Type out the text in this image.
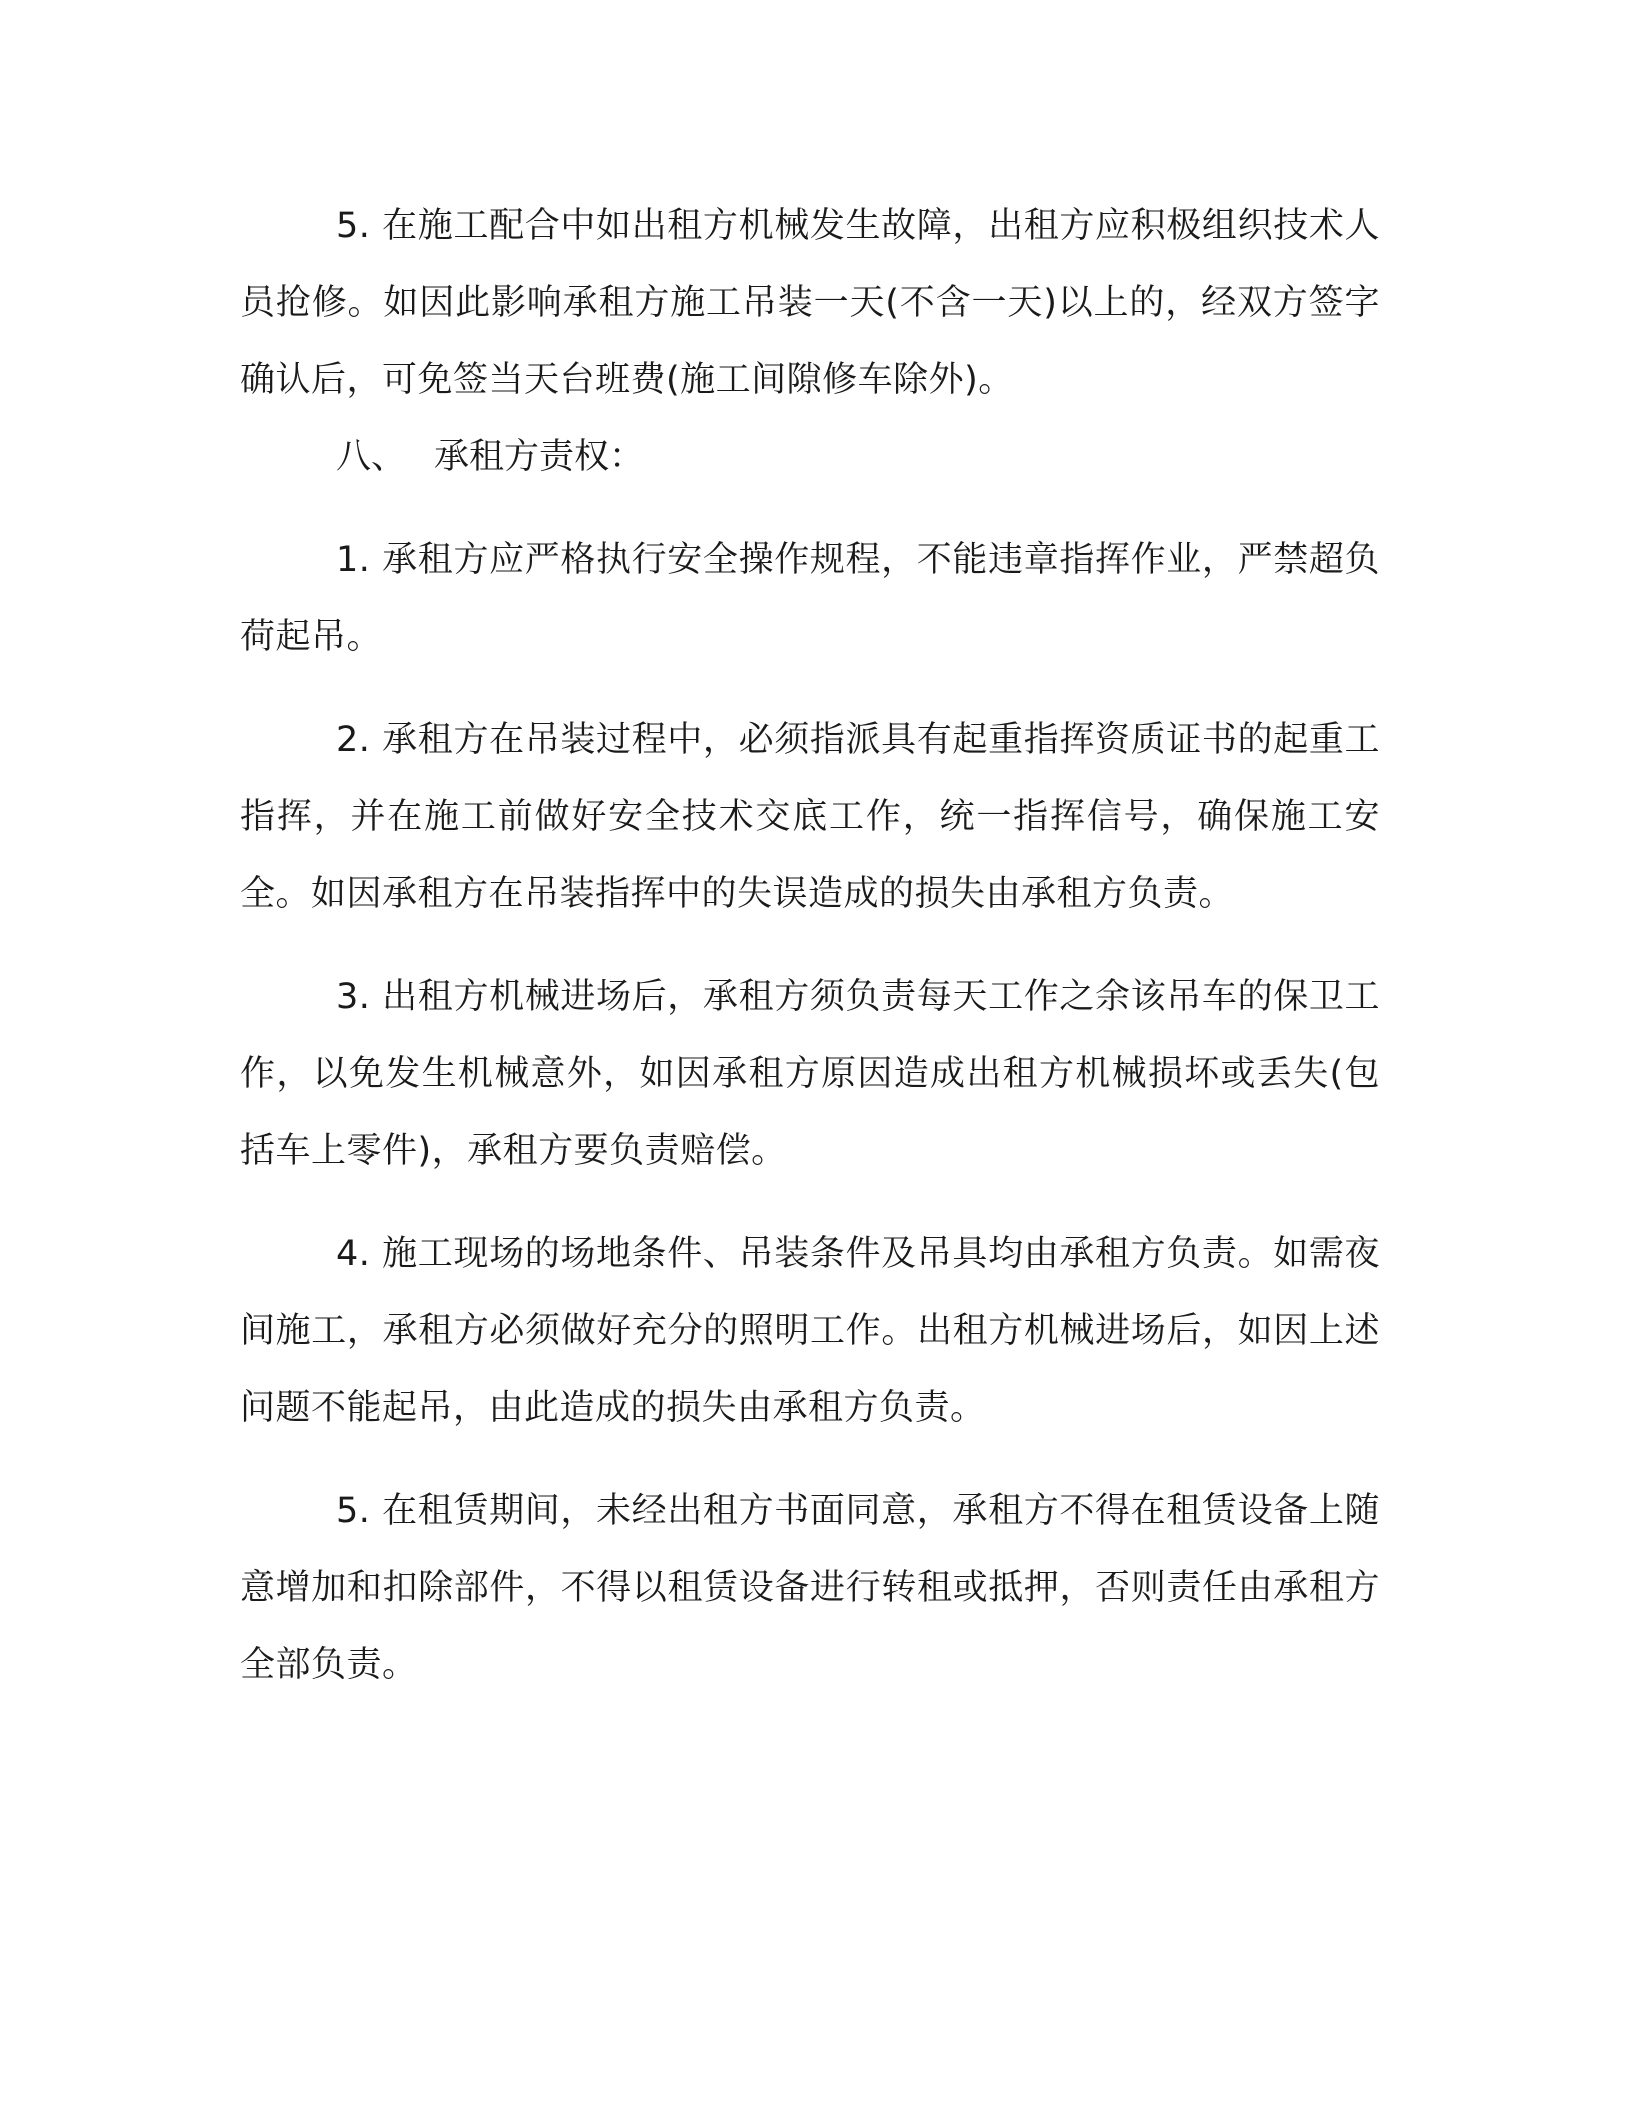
5. 在施工配合中如出租方机械发生故障，出租方应积极组织技术人员抢修。如因此影响承租方施工吊装一天(不含一天)以上的，经双方签字确认后，可免签当天台班费(施工间隙修车除外)。

八、 承租方责权：

1. 承租方应严格执行安全操作规程，不能违章指挥作业，严禁超负荷起吊。

2. 承租方在吊装过程中，必须指派具有起重指挥资质证书的起重工指挥，并在施工前做好安全技术交底工作，统一指挥信号，确保施工安全。如因承租方在吊装指挥中的失误造成的损失由承租方负责。

3. 出租方机械进场后，承租方须负责每天工作之余该吊车的保卫工作，以免发生机械意外，如因承租方原因造成出租方机械损坏或丢失(包括车上零件)，承租方要负责赔偿。

4. 施工现场的场地条件、吊装条件及吊具均由承租方负责。如需夜间施工，承租方必须做好充分的照明工作。出租方机械进场后，如因上述问题不能起吊，由此造成的损失由承租方负责。

5. 在租赁期间，未经出租方书面同意，承租方不得在租赁设备上随意增加和扣除部件，不得以租赁设备进行转租或抵押，否则责任由承租方全部负责。
